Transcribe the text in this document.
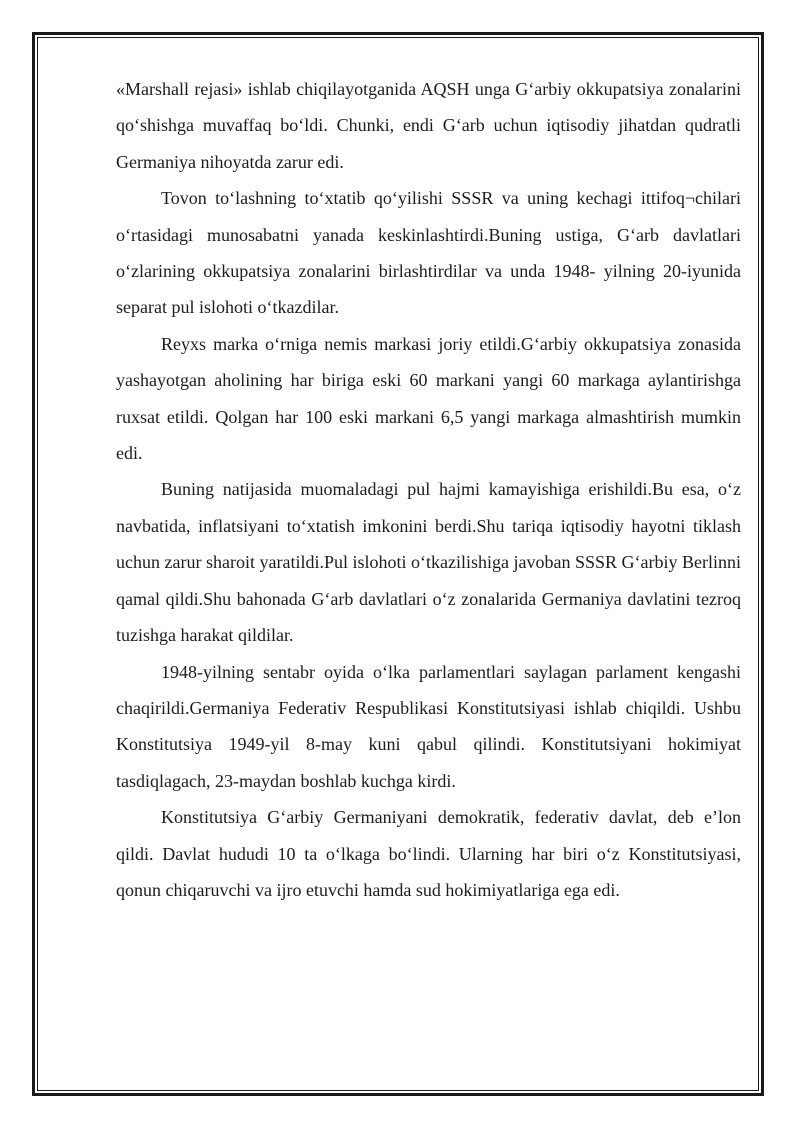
«Marshall rejasi» ishlab chiqilayotganida AQSH unga G‘arbiy okkupatsiya zonalarini qo‘shishga muvaffaq bo‘ldi. Chunki, endi G‘arb uchun iqtisodiy jihatdan qudratli Germaniya nihoyatda zarur edi.

Tovon to‘lashning to‘xtatib qo‘yilishi SSSR va uning kechagi ittifoq¬chilari o‘rtasidagi munosabatni yanada keskinlashtirdi.Buning ustiga, G‘arb davlatlari o‘zlarining okkupatsiya zonalarini birlashtirdilar va unda 1948- yilning 20-iyunida separat pul islohoti o‘tkazdilar.

Reyxs marka o‘rniga nemis markasi joriy etildi.G‘arbiy okkupatsiya zonasida yashayotgan aholining har biriga eski 60 markani yangi 60 markaga aylantirishga ruxsat etildi. Qolgan har 100 eski markani 6,5 yangi markaga almashtirish mumkin edi.

Buning natijasida muomaladagi pul hajmi kamayishiga erishildi.Bu esa, o‘z navbatida, inflatsiyani to‘xtatish imkonini berdi.Shu tariqa iqtisodiy hayotni tiklash uchun zarur sharoit yaratildi.Pul islohoti o‘tkazilishiga javoban SSSR G‘arbiy Berlinni qamal qildi.Shu bahonada G‘arb davlatlari o‘z zonalarida Germaniya davlatini tezroq tuzishga harakat qildilar.

1948-yilning sentabr oyida o‘lka parlamentlari saylagan parlament kengashi chaqirildi.Germaniya Federativ Respublikasi Konstitutsiyasi ishlab chiqildi. Ushbu Konstitutsiya 1949-yil 8-may kuni qabul qilindi. Konstitutsiyani hokimiyat tasdiqlagach, 23-maydan boshlab kuchga kirdi.

Konstitutsiya G‘arbiy Germaniyani demokratik, federativ davlat, deb e’lon qildi. Davlat hududi 10 ta o‘lkaga bo‘lindi. Ularning har biri o‘z Konstitutsiyasi, qonun chiqaruvchi va ijro etuvchi hamda sud hokimiyatlariga ega edi.
